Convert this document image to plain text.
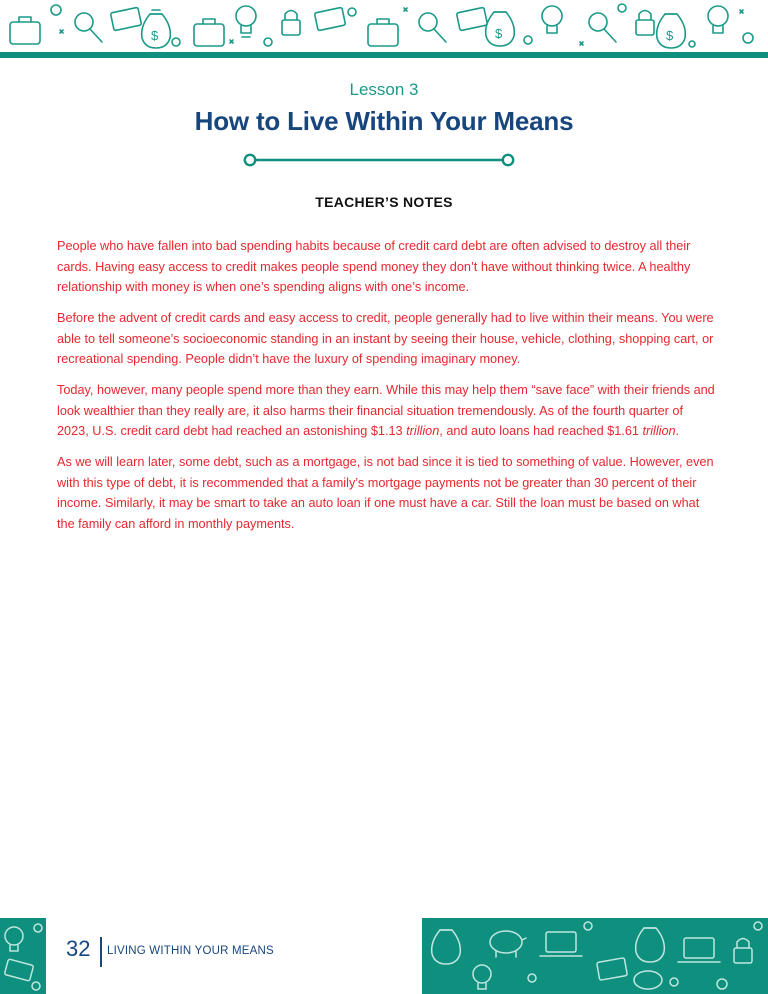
$	$	$
Lesson 3
How to Live Within Your Means
TEACHER’S NOTES

People who have fallen into bad spending habits because of credit card debt are often advised to destroy all their cards. Having easy access to credit makes people spend money they don’t have without thinking twice. A healthy relationship with money is when one’s spending aligns with one’s income.

Before the advent of credit cards and easy access to credit, people generally had to live within their means. You were able to tell someone’s socioeconomic standing in an instant by seeing their house, vehicle, clothing, shopping cart, or recreational spending. People didn’t have the luxury of spending imaginary money.

Today, however, many people spend more than they earn. While this may help them “save face” with their friends and look wealthier than they really are, it also harms their financial situation tremendously. As of the fourth quarter of 2023, U.S. credit card debt had reached an astonishing $1.13 trillion, and auto loans had reached $1.61 trillion.

As we will learn later, some debt, such as a mortgage, is not bad since it is tied to something of value. However, even with this type of debt, it is recommended that a family’s mortgage payments not be greater than 30 percent of their income. Similarly, it may be smart to take an auto loan if one must have a car. Still the loan must be based on what the family can afford in monthly payments.

32 LIVING WITHIN YOUR MEANS
